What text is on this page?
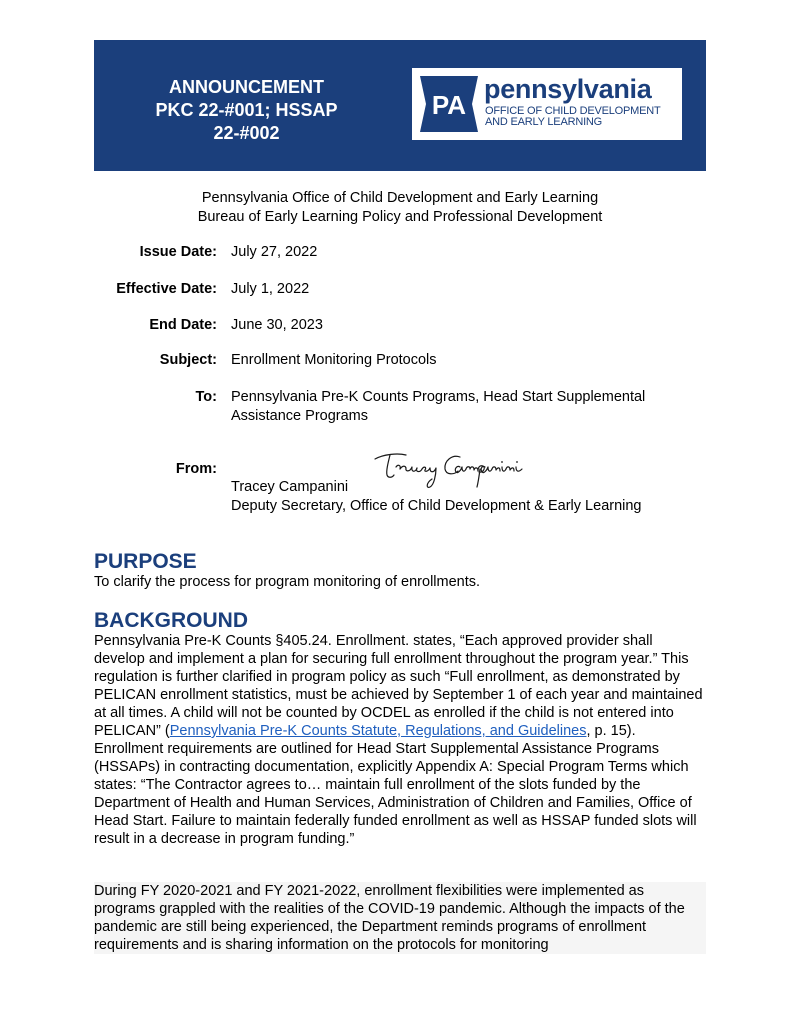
ANNOUNCEMENT
PKC 22-#001; HSSAP
22-#002
PA
pennsylvania
OFFICE OF CHILD DEVELOPMENT
AND EARLY LEARNING
Pennsylvania Office of Child Development and Early Learning
Bureau of Early Learning Policy and Professional Development
Issue Date: July 27, 2022
Effective Date: July 1, 2022
End Date: June 30, 2023
Subject: Enrollment Monitoring Protocols
To: Pennsylvania Pre-K Counts Programs, Head Start Supplemental
Assistance Programs
From:
Tracey Campanini
Deputy Secretary, Office of Child Development & Early Learning
PURPOSE

To clarify the process for program monitoring of enrollments.

BACKGROUND

Pennsylvania Pre-K Counts §405.24. Enrollment. states, “Each approved provider shall develop and implement a plan for securing full enrollment throughout the program year.” This regulation is further clarified in program policy as such “Full enrollment, as demonstrated by PELICAN enrollment statistics, must be achieved by September 1 of each year and maintained at all times. A child will not be counted by OCDEL as enrolled if the child is not entered into PELICAN” (Pennsylvania Pre-K Counts Statute, Regulations, and Guidelines, p. 15). Enrollment requirements are outlined for Head Start Supplemental Assistance Programs (HSSAPs) in contracting documentation, explicitly Appendix A: Special Program Terms which states: “The Contractor agrees to… maintain full enrollment of the slots funded by the Department of Health and Human Services, Administration of Children and Families, Office of Head Start. Failure to maintain federally funded enrollment as well as HSSAP funded slots will result in a decrease in program funding.”

During FY 2020-2021 and FY 2021-2022, enrollment flexibilities were implemented as programs grappled with the realities of the COVID-19 pandemic. Although the impacts of the pandemic are still being experienced, the Department reminds programs of enrollment requirements and is sharing information on the protocols for monitoring
